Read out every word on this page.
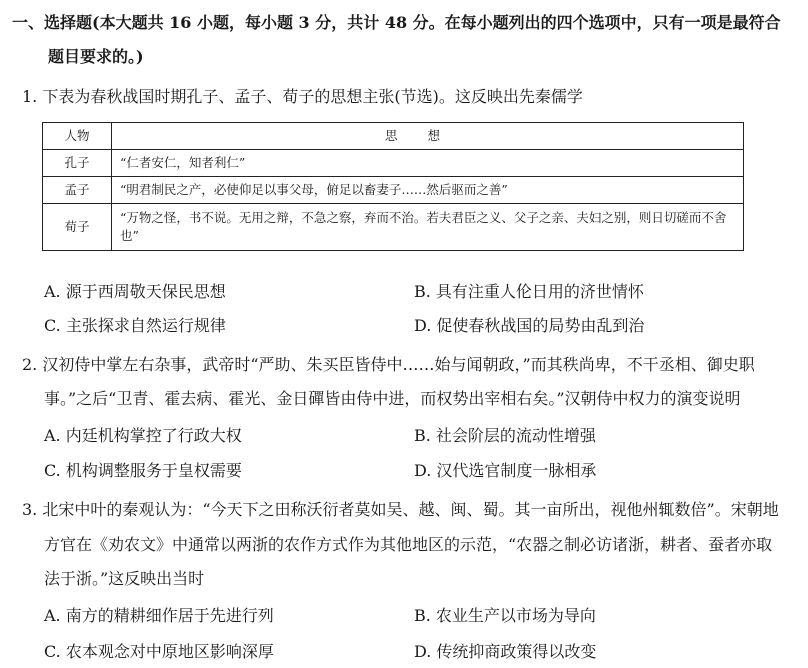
一、选择题(本大题共 16 小题，每小题 3 分，共计 48 分。在每小题列出的四个选项中，只有一项是最符合
题目要求的。)
1. 下表为春秋战国时期孔子、孟子、荀子的思想主张(节选)。这反映出先秦儒学
人物	思想
孔子	“仁者安仁，知者利仁”
孟子	“明君制民之产，必使仰足以事父母，俯足以畜妻子……然后驱而之善”
荀子	“万物之怪，书不说。无用之辩，不急之察，弃而不治。若夫君臣之义、父子之亲、夫妇之别，则日切磋而不舍也”
A. 源于西周敬天保民思想	B. 具有注重人伦日用的济世情怀
C. 主张探求自然运行规律	D. 促使春秋战国的局势由乱到治
2. 汉初侍中掌左右杂事，武帝时“严助、朱买臣皆侍中……始与闻朝政，”而其秩尚卑，不干丞相、御史职
事。”之后“卫青、霍去病、霍光、金日磾皆由侍中进，而权势出宰相右矣。”汉朝侍中权力的演变说明
A. 内廷机构掌控了行政大权	B. 社会阶层的流动性增强
C. 机构调整服务于皇权需要	D. 汉代选官制度一脉相承
3. 北宋中叶的秦观认为：“今天下之田称沃衍者莫如吴、越、闽、蜀。其一亩所出，视他州辄数倍”。宋朝地
方官在《劝农文》中通常以两浙的农作方式作为其他地区的示范，“农器之制必访诸浙，耕者、蚕者亦取
法于浙。”这反映出当时
A. 南方的精耕细作居于先进行列	B. 农业生产以市场为导向
C. 农本观念对中原地区影响深厚	D. 传统抑商政策得以改变
